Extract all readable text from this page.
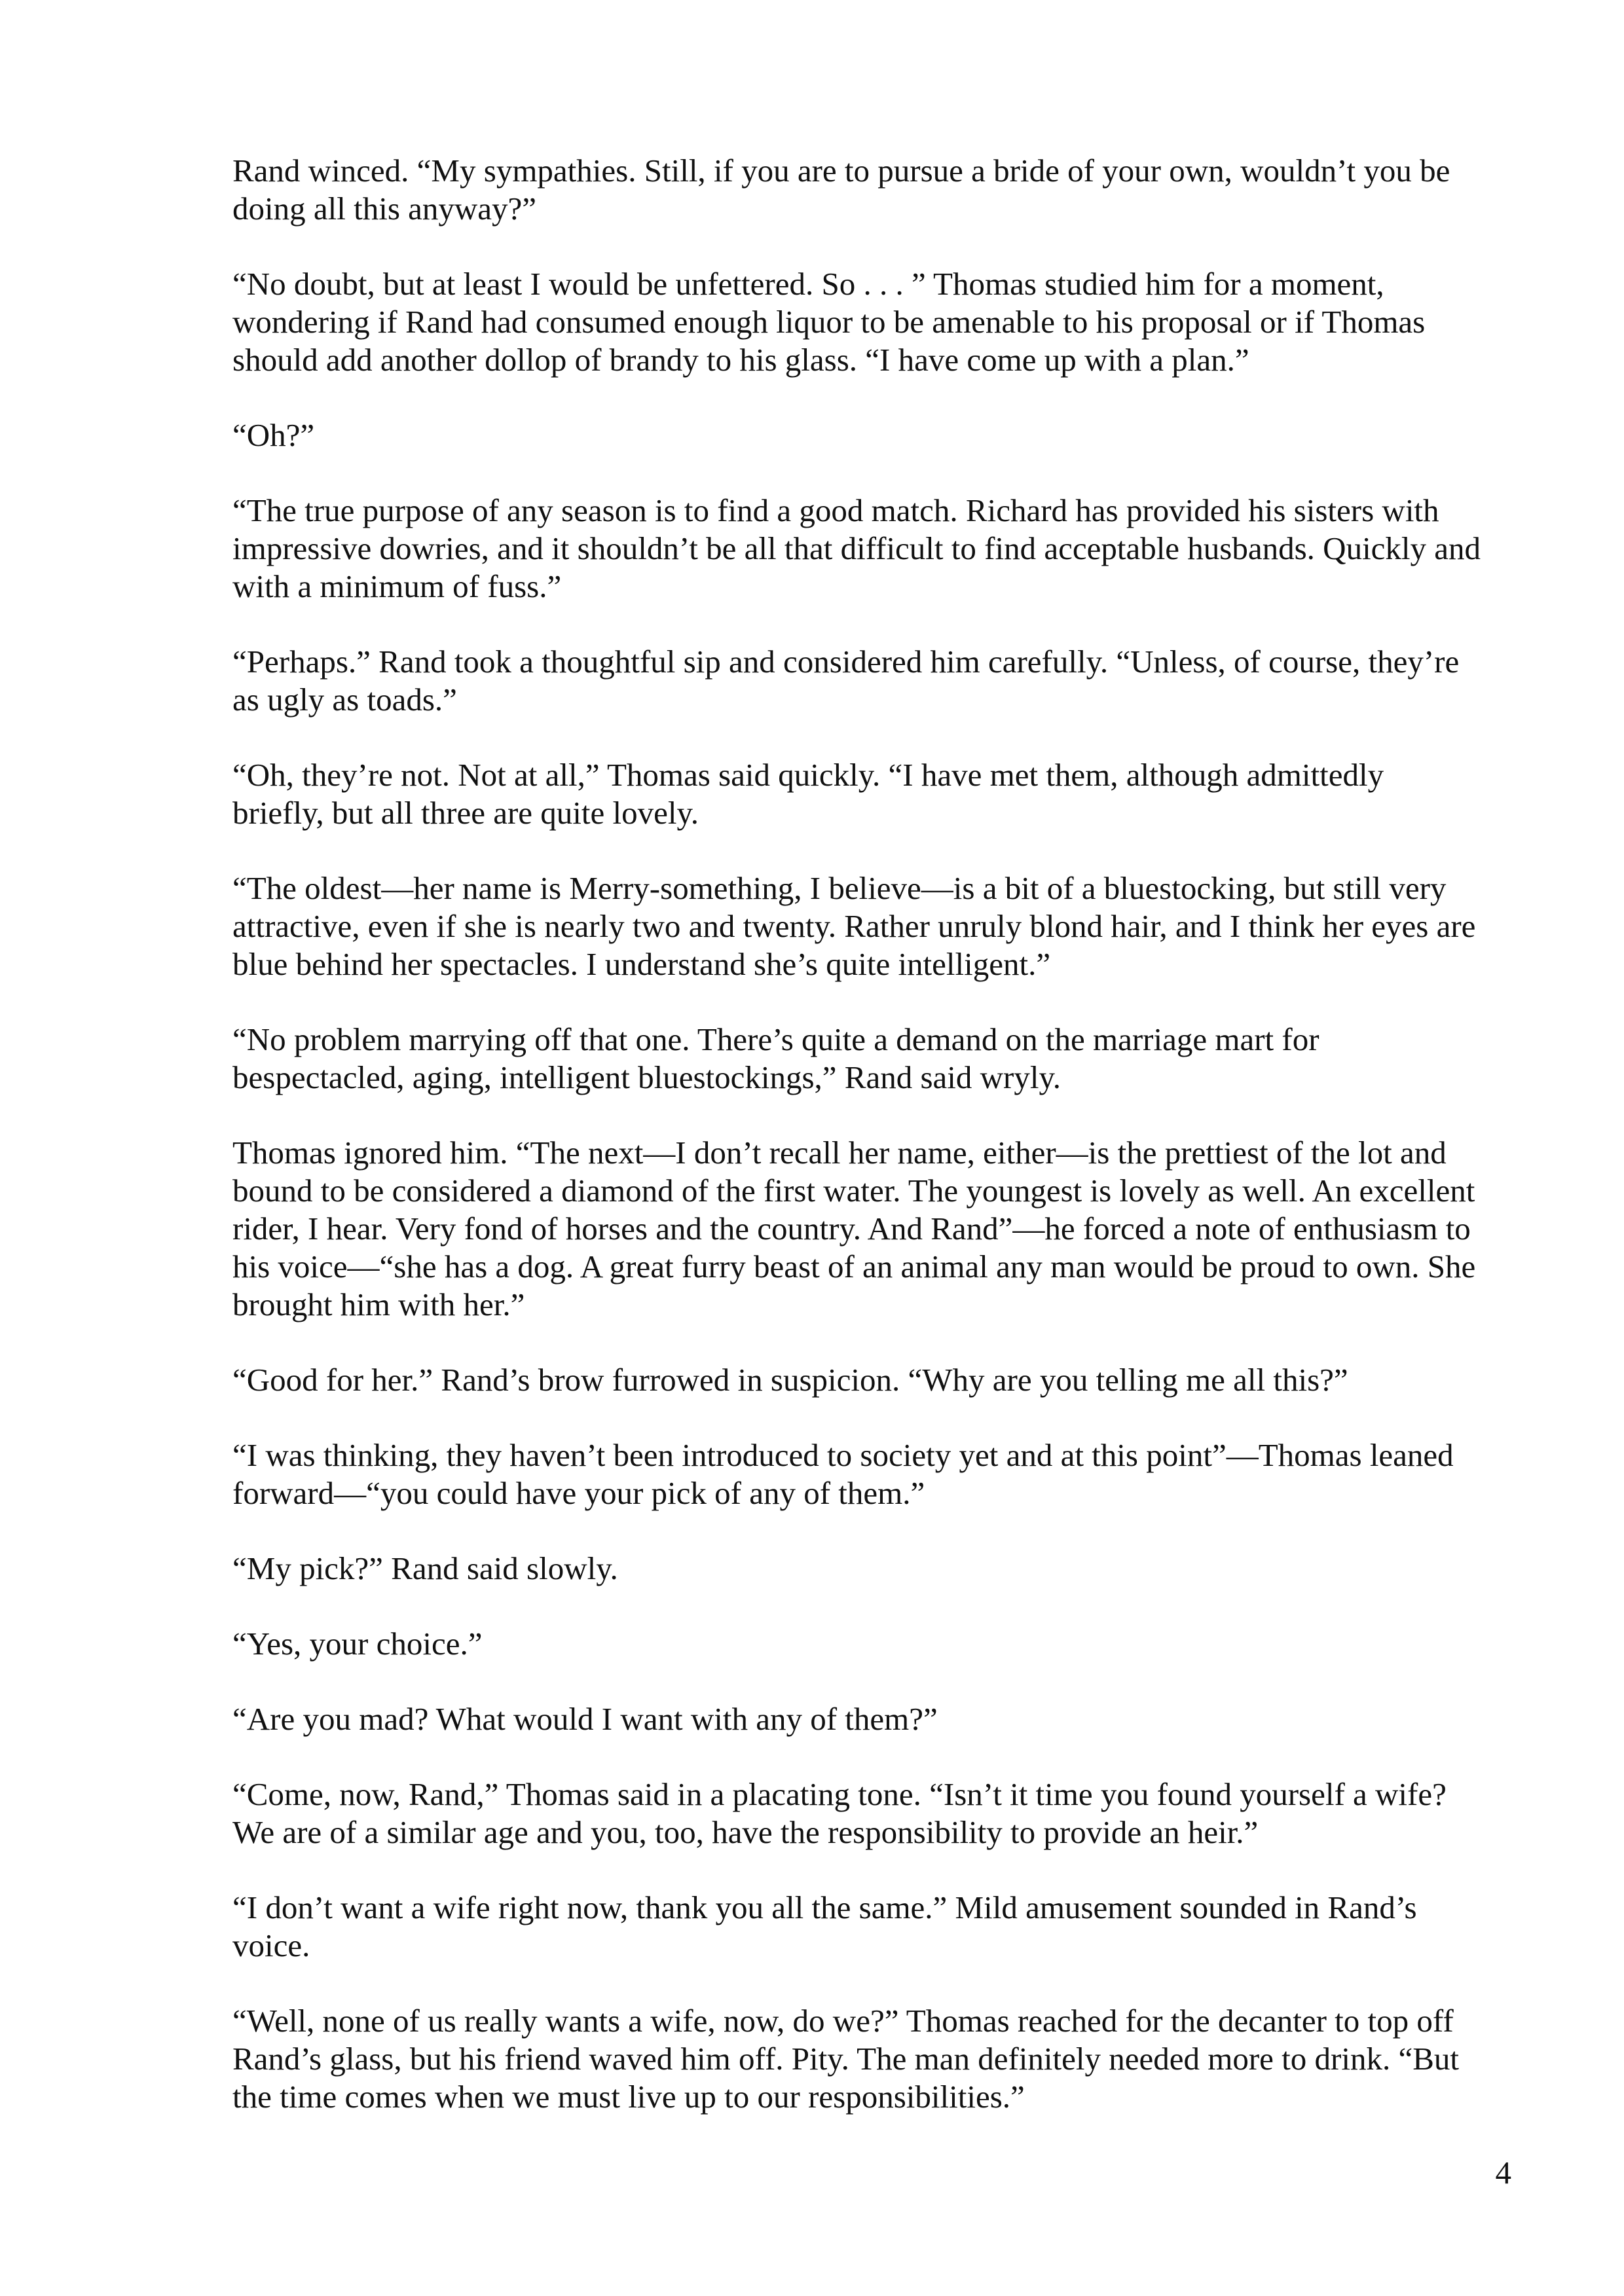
Rand winced. “My sympathies. Still, if you are to pursue a bride of your own, wouldn’t you be
doing all this anyway?”

“No doubt, but at least I would be unfettered. So . . . ” Thomas studied him for a moment,
wondering if Rand had consumed enough liquor to be amenable to his proposal or if Thomas
should add another dollop of brandy to his glass. “I have come up with a plan.”

“Oh?”

“The true purpose of any season is to find a good match. Richard has provided his sisters with
impressive dowries, and it shouldn’t be all that difficult to find acceptable husbands. Quickly and
with a minimum of fuss.”

“Perhaps.” Rand took a thoughtful sip and considered him carefully. “Unless, of course, they’re
as ugly as toads.”

“Oh, they’re not. Not at all,” Thomas said quickly. “I have met them, although admittedly
briefly, but all three are quite lovely.

“The oldest—her name is Merry-something, I believe—is a bit of a bluestocking, but still very
attractive, even if she is nearly two and twenty. Rather unruly blond hair, and I think her eyes are
blue behind her spectacles. I understand she’s quite intelligent.”

“No problem marrying off that one. There’s quite a demand on the marriage mart for
bespectacled, aging, intelligent bluestockings,” Rand said wryly.

Thomas ignored him. “The next—I don’t recall her name, either—is the prettiest of the lot and
bound to be considered a diamond of the first water. The youngest is lovely as well. An excellent
rider, I hear. Very fond of horses and the country. And Rand”—he forced a note of enthusiasm to
his voice—“she has a dog. A great furry beast of an animal any man would be proud to own. She
brought him with her.”

“Good for her.” Rand’s brow furrowed in suspicion. “Why are you telling me all this?”

“I was thinking, they haven’t been introduced to society yet and at this point”—Thomas leaned
forward—“you could have your pick of any of them.”

“My pick?” Rand said slowly.

“Yes, your choice.”

“Are you mad? What would I want with any of them?”

“Come, now, Rand,” Thomas said in a placating tone. “Isn’t it time you found yourself a wife?
We are of a similar age and you, too, have the responsibility to provide an heir.”

“I don’t want a wife right now, thank you all the same.” Mild amusement sounded in Rand’s
voice.

“Well, none of us really wants a wife, now, do we?” Thomas reached for the decanter to top off
Rand’s glass, but his friend waved him off. Pity. The man definitely needed more to drink. “But
the time comes when we must live up to our responsibilities.”

4
